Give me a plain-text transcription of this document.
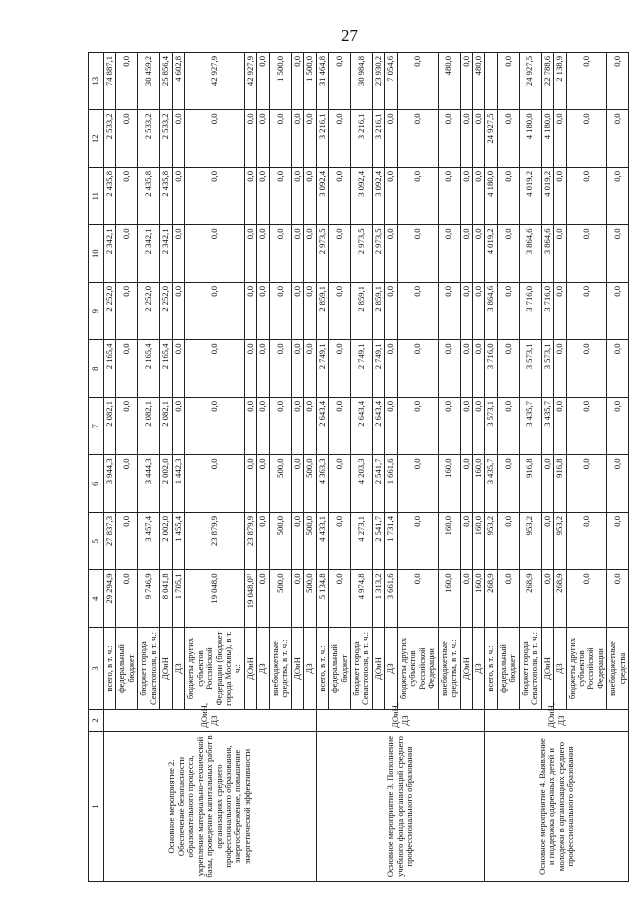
27
1	2	3	4	5	6	7	8	9	10	11	12	13
Основное мероприятие 2. Обеспечение безопасности образовательного процесса, укрепление материально-технической базы, проведение капитальных работ в организациях среднего профессионального образования, энергосбережение, повышение энергетической эффективности	ДОиН, ДЗ	всего, в т. ч.:	29 294,9	27 837,3	3 944,3	2 082,1	2 165,4	2 252,0	2 342,1	2 435,8	2 533,2	74 887,1
		федеральный бюджет	0,0	0,0	0,0	0,0	0,0	0,0	0,0	0,0	0,0	0,0
		бюджет города Севастополя, в т. ч.:	9 746,9	3 457,4	3 444,3	2 082,1	2 165,4	2 252,0	2 342,1	2 435,8	2 533,2	30 459,2
		ДОиН	8 041,8	2 002,0	2 002,0	2 082,1	2 165,4	2 252,0	2 342,1	2 435,8	2 533,2	25 856,4
		ДЗ	1 705,1	1 455,4	1 442,3	0,0	0,0	0,0	0,0	0,0	0,0	4 602,8
		бюджеты других субъектов Российской Федерации (бюджет города Москвы), в т. ч.:	19 048,0	23 879,9	0,0	0,0	0,0	0,0	0,0	0,0	0,0	42 927,9
		ДОиН	19 048,0¹⁾	23 879,9	0,0	0,0	0,0	0,0	0,0	0,0	0,0	42 927,9
		ДЗ	0,0	0,0	0,0	0,0	0,0	0,0	0,0	0,0	0,0	0,0
		внебюджетные средства, в т. ч.:	500,0	500,0	500,0	0,0	0,0	0,0	0,0	0,0	0,0	1 500,0
		ДОиН	0,0	0,0	0,0	0,0	0,0	0,0	0,0	0,0	0,0	0,0
		ДЗ	500,0	500,0	500,0	0,0	0,0	0,0	0,0	0,0	0,0	1 500,0
Основное мероприятие 3. Пополнение учебного фонда организаций среднего профессионального образования	ДОиН, ДЗ	всего, в т. ч.:	5 134,8	4 433,1	4 363,3	2 643,4	2 749,1	2 859,1	2 973,5	3 092,4	3 216,1	31 464,8
		федеральный бюджет	0,0	0,0	0,0	0,0	0,0	0,0	0,0	0,0	0,0	0,0
		бюджет города Севастополя, в т. ч.:	4 974,8	4 273,1	4 203,3	2 643,4	2 749,1	2 859,1	2 973,5	3 092,4	3 216,1	30 984,8
		ДОиН	1 313,2	2 541,7	2 541,7	2 643,4	2 749,1	2 859,1	2 973,5	3 092,4	3 216,1	23 930,2
		ДЗ	3 661,6	1 731,4	1 661,6	0,0	0,0	0,0	0,0	0,0	0,0	7 054,6
		бюджеты других субъектов Российской Федерации	0,0	0,0	0,0	0,0	0,0	0,0	0,0	0,0	0,0	0,0
		внебюджетные средства, в т. ч.:	160,0	160,0	160,0	0,0	0,0	0,0	0,0	0,0	0,0	480,0
		ДОиН	0,0	0,0	0,0	0,0	0,0	0,0	0,0	0,0	0,0	0,0
		ДЗ	160,0	160,0	160,0	0,0	0,0	0,0	0,0	0,0	0,0	480,0
Основное мероприятие 4. Выявление и поддержка одаренных детей и молодежи в организациях среднего профессионального образования	ДОиН, ДЗ	всего, в т. ч.:	268,9	953,2	3 435,7	3 573,1	3 716,0	3 864,6	4 019,2	4 180,0	24 927,5	
		федеральный бюджет	0,0	0,0	0,0	0,0	0,0	0,0	0,0	0,0	0,0	0,0
		бюджет города Севастополя, в т. ч.:	268,9	953,2	916,8	3 435,7	3 573,1	3 716,0	3 864,6	4 019,2	4 180,0	24 927,5
		ДОиН	0,0	0,0	0,0	3 435,7	3 573,1	3 716,0	3 864,6	4 019,2	4 180,0	22 788,6
		ДЗ	268,9	953,2	916,8	0,0	0,0	0,0	0,0	0,0	0,0	2 138,9
		бюджеты других субъектов Российской Федерации	0,0	0,0	0,0	0,0	0,0	0,0	0,0	0,0	0,0	0,0
		внебюджетные средства	0,0	0,0	0,0	0,0	0,0	0,0	0,0	0,0	0,0	0,0
